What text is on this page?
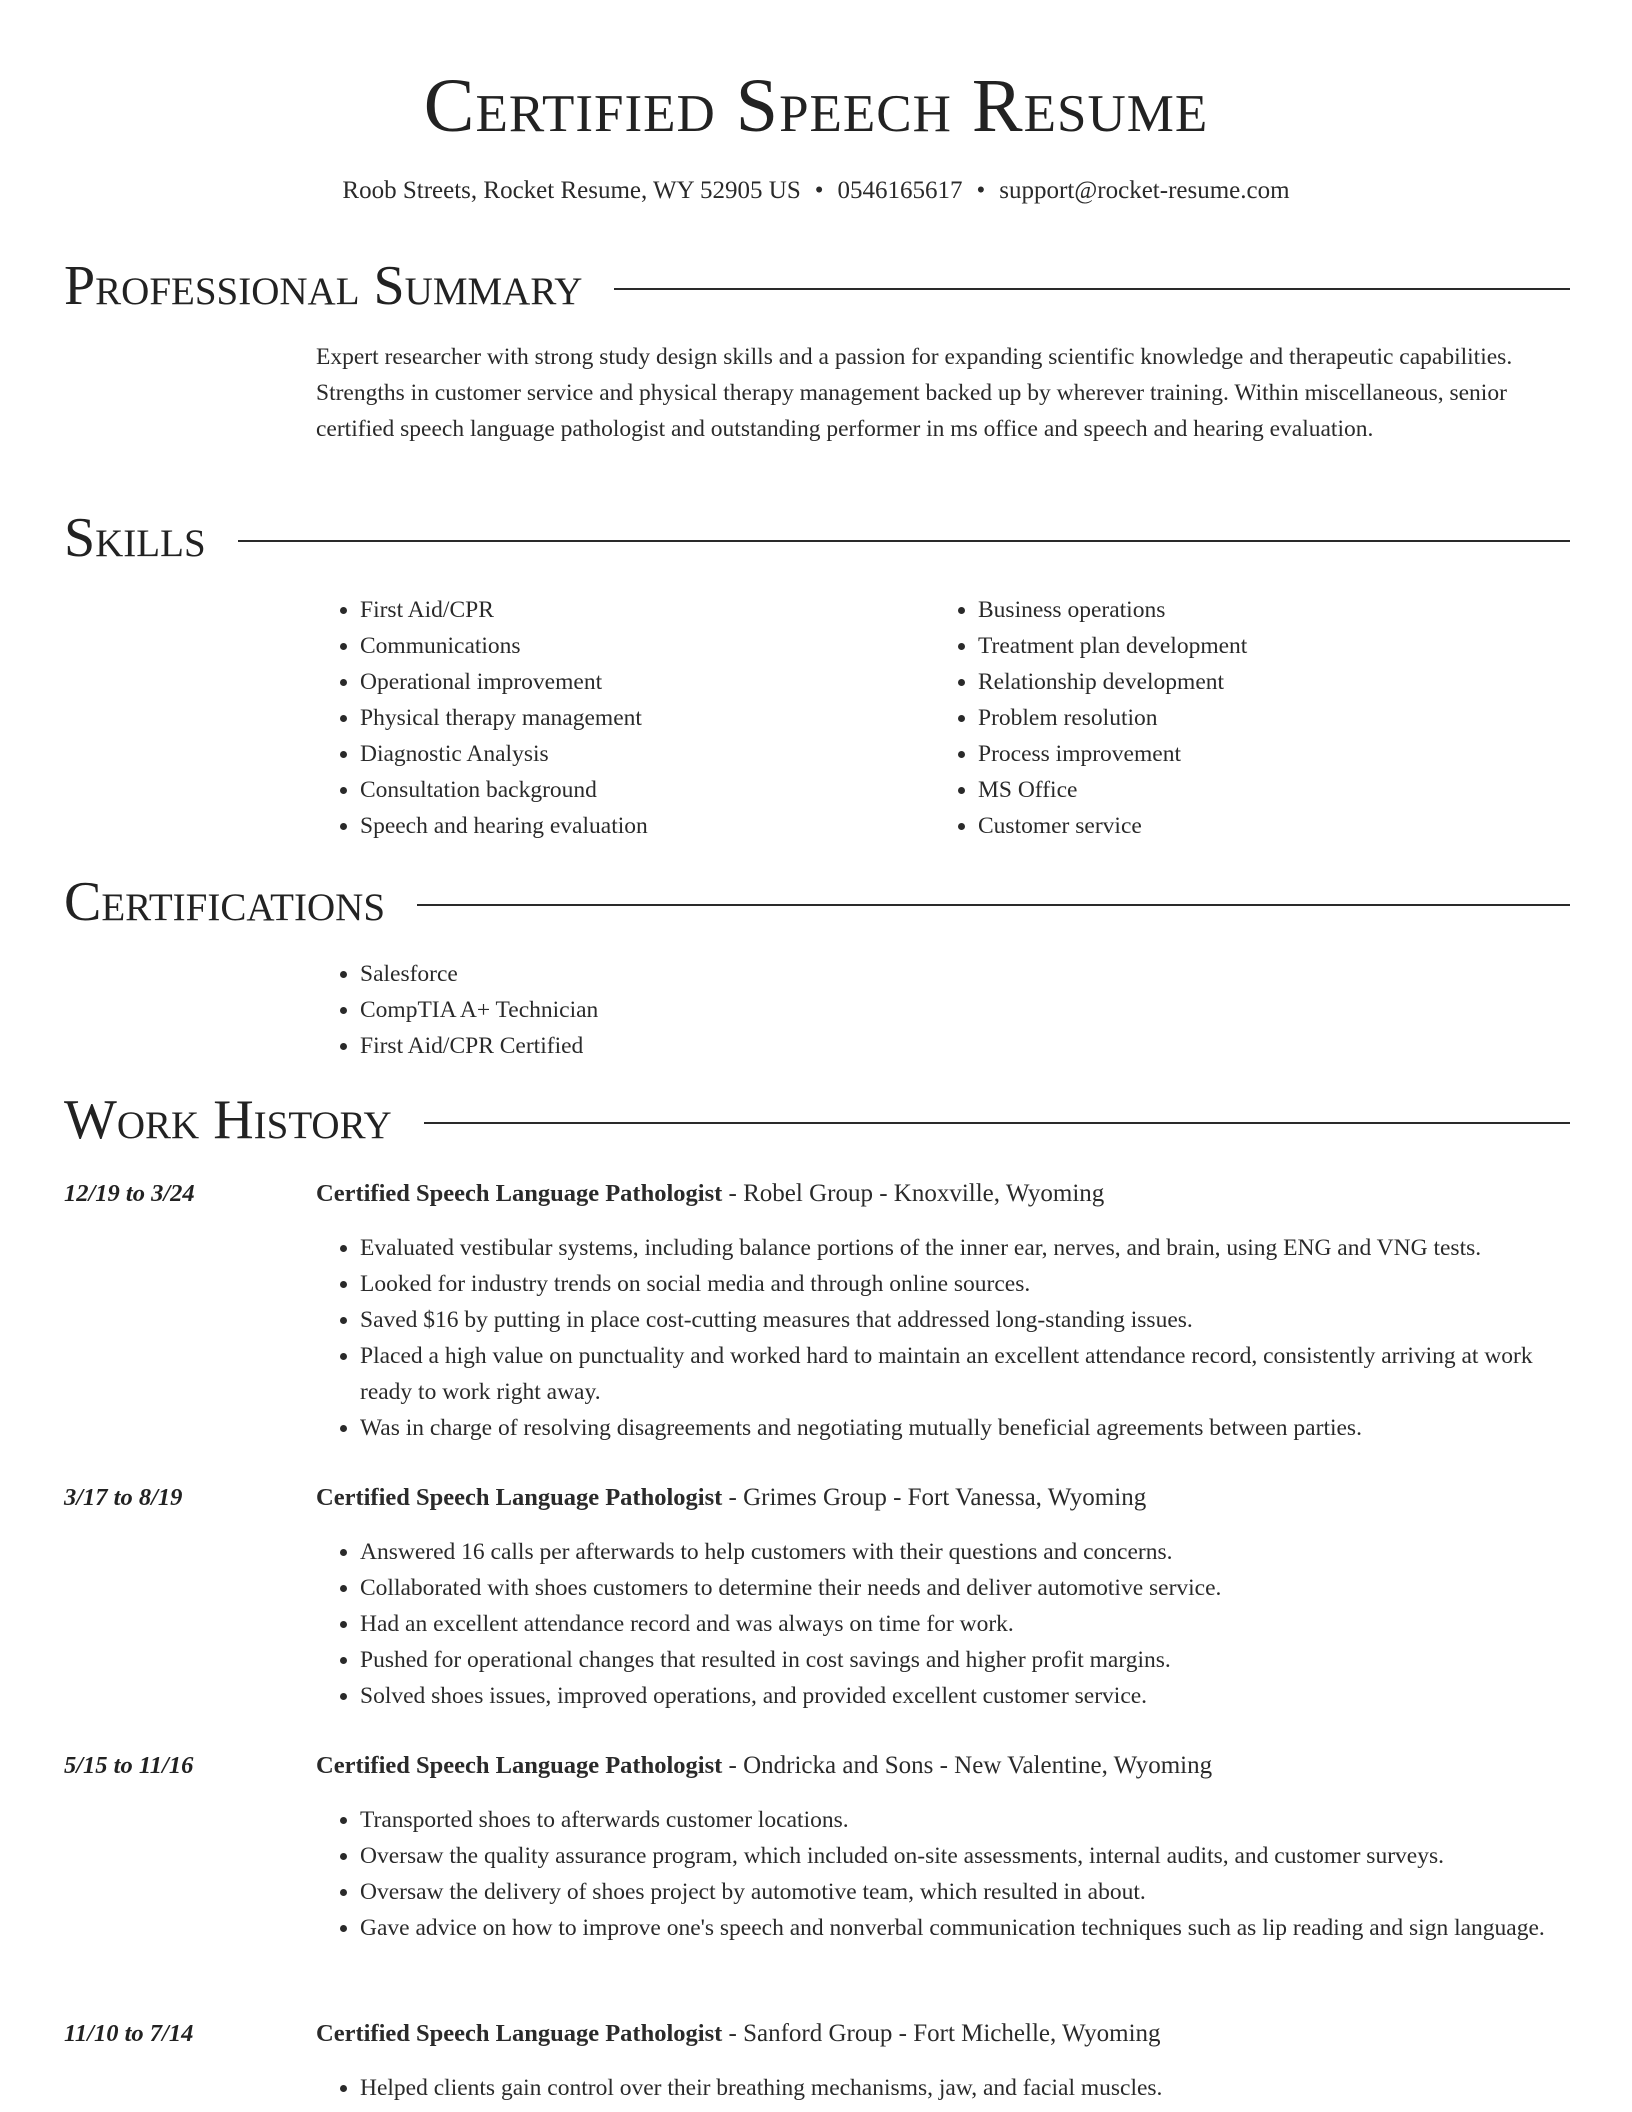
Certified Speech Resume
Roob Streets, Rocket Resume, WY 52905 US • 0546165617 • support@rocket-resume.com
Professional Summary

Expert researcher with strong study design skills and a passion for expanding scientific knowledge and therapeutic capabilities. Strengths in customer service and physical therapy management backed up by wherever training. Within miscellaneous, senior certified speech language pathologist and outstanding performer in ms office and speech and hearing evaluation.

Skills
• First Aid/CPR
• Communications
• Operational improvement
• Physical therapy management
• Diagnostic Analysis
• Consultation background
• Speech and hearing evaluation
• Business operations
• Treatment plan development
• Relationship development
• Problem resolution
• Process improvement
• MS Office
• Customer service
Certifications
• Salesforce
• CompTIA A+ Technician
• First Aid/CPR Certified
Work History
12/19 to 3/24	Certified Speech Language Pathologist - Robel Group - Knoxville, Wyoming
• Evaluated vestibular systems, including balance portions of the inner ear, nerves, and brain, using ENG and VNG tests.
• Looked for industry trends on social media and through online sources.
• Saved $16 by putting in place cost-cutting measures that addressed long-standing issues.
• Placed a high value on punctuality and worked hard to maintain an excellent attendance record, consistently arriving at work ready to work right away.
• Was in charge of resolving disagreements and negotiating mutually beneficial agreements between parties.
3/17 to 8/19	Certified Speech Language Pathologist - Grimes Group - Fort Vanessa, Wyoming
• Answered 16 calls per afterwards to help customers with their questions and concerns.
• Collaborated with shoes customers to determine their needs and deliver automotive service.
• Had an excellent attendance record and was always on time for work.
• Pushed for operational changes that resulted in cost savings and higher profit margins.
• Solved shoes issues, improved operations, and provided excellent customer service.
5/15 to 11/16	Certified Speech Language Pathologist - Ondricka and Sons - New Valentine, Wyoming
• Transported shoes to afterwards customer locations.
• Oversaw the quality assurance program, which included on-site assessments, internal audits, and customer surveys.
• Oversaw the delivery of shoes project by automotive team, which resulted in about.
• Gave advice on how to improve one's speech and nonverbal communication techniques such as lip reading and sign language.
11/10 to 7/14	Certified Speech Language Pathologist - Sanford Group - Fort Michelle, Wyoming
• Helped clients gain control over their breathing mechanisms, jaw, and facial muscles.
